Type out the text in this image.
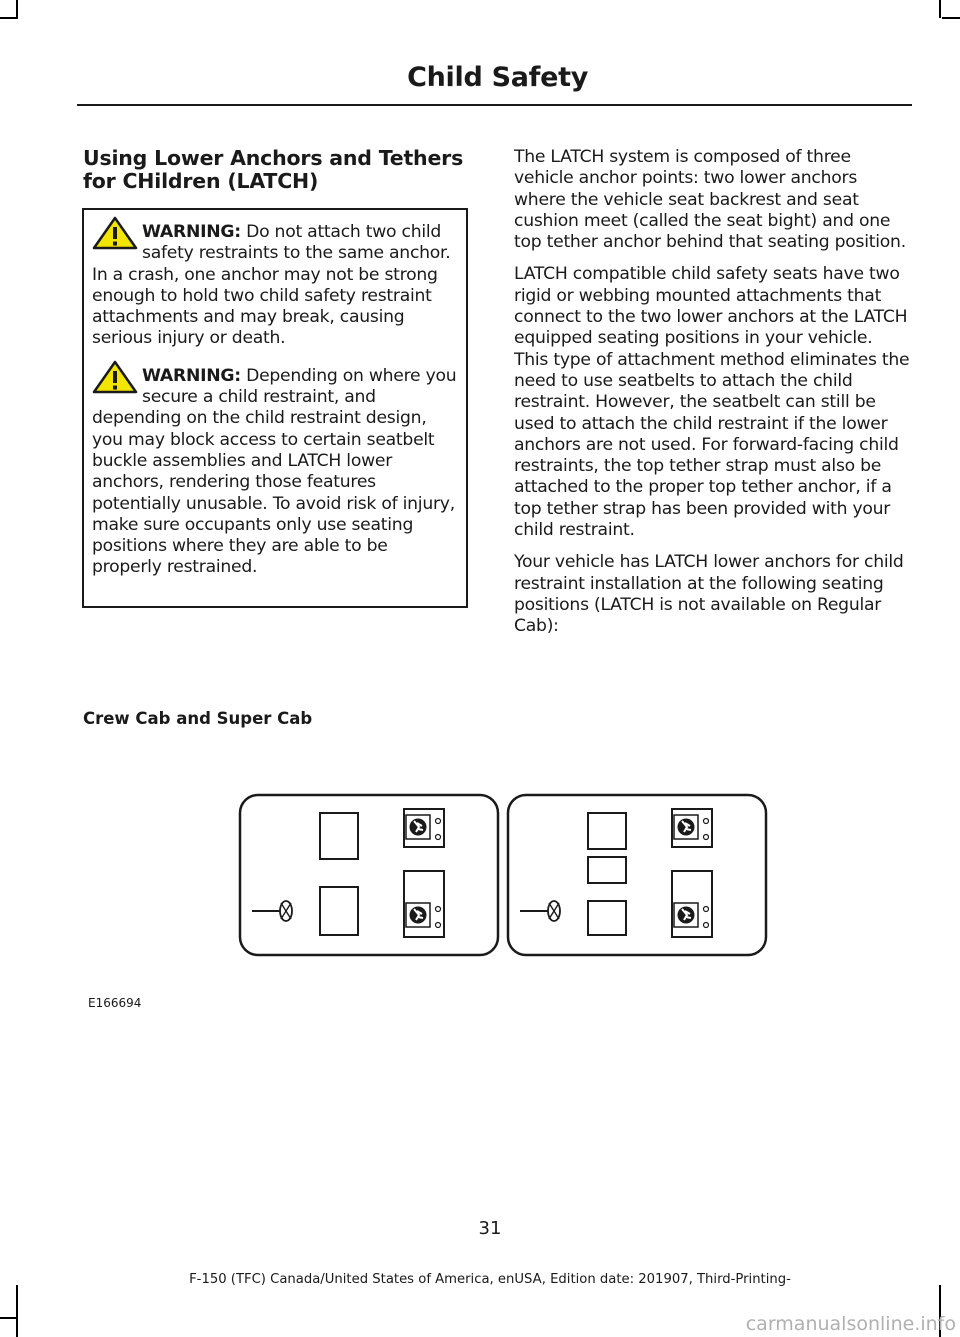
Child Safety
Using Lower Anchors and Tethers for CHildren (LATCH)

WARNING: Do not attach two child safety restraints to the same anchor. In a crash, one anchor may not be strong enough to hold two child safety restraint attachments and may break, causing serious injury or death.

WARNING: Depending on where you secure a child restraint, and depending on the child restraint design, you may block access to certain seatbelt buckle assemblies and LATCH lower anchors, rendering those features potentially unusable. To avoid risk of injury, make sure occupants only use seating positions where they are able to be properly restrained.

The LATCH system is composed of three vehicle anchor points: two lower anchors where the vehicle seat backrest and seat cushion meet (called the seat bight) and one top tether anchor behind that seating position.

LATCH compatible child safety seats have two rigid or webbing mounted attachments that connect to the two lower anchors at the LATCH equipped seating positions in your vehicle. This type of attachment method eliminates the need to use seatbelts to attach the child restraint. However, the seatbelt can still be used to attach the child restraint if the lower anchors are not used. For forward-facing child restraints, the top tether strap must also be attached to the proper top tether anchor, if a top tether strap has been provided with your child restraint.

Your vehicle has LATCH lower anchors for child restraint installation at the following seating positions (LATCH is not available on Regular Cab):

Crew Cab and Super Cab
E166694
31
F-150 (TFC) Canada/United States of America, enUSA, Edition date: 201907, Third-Printing-
carmanualsonline.info
